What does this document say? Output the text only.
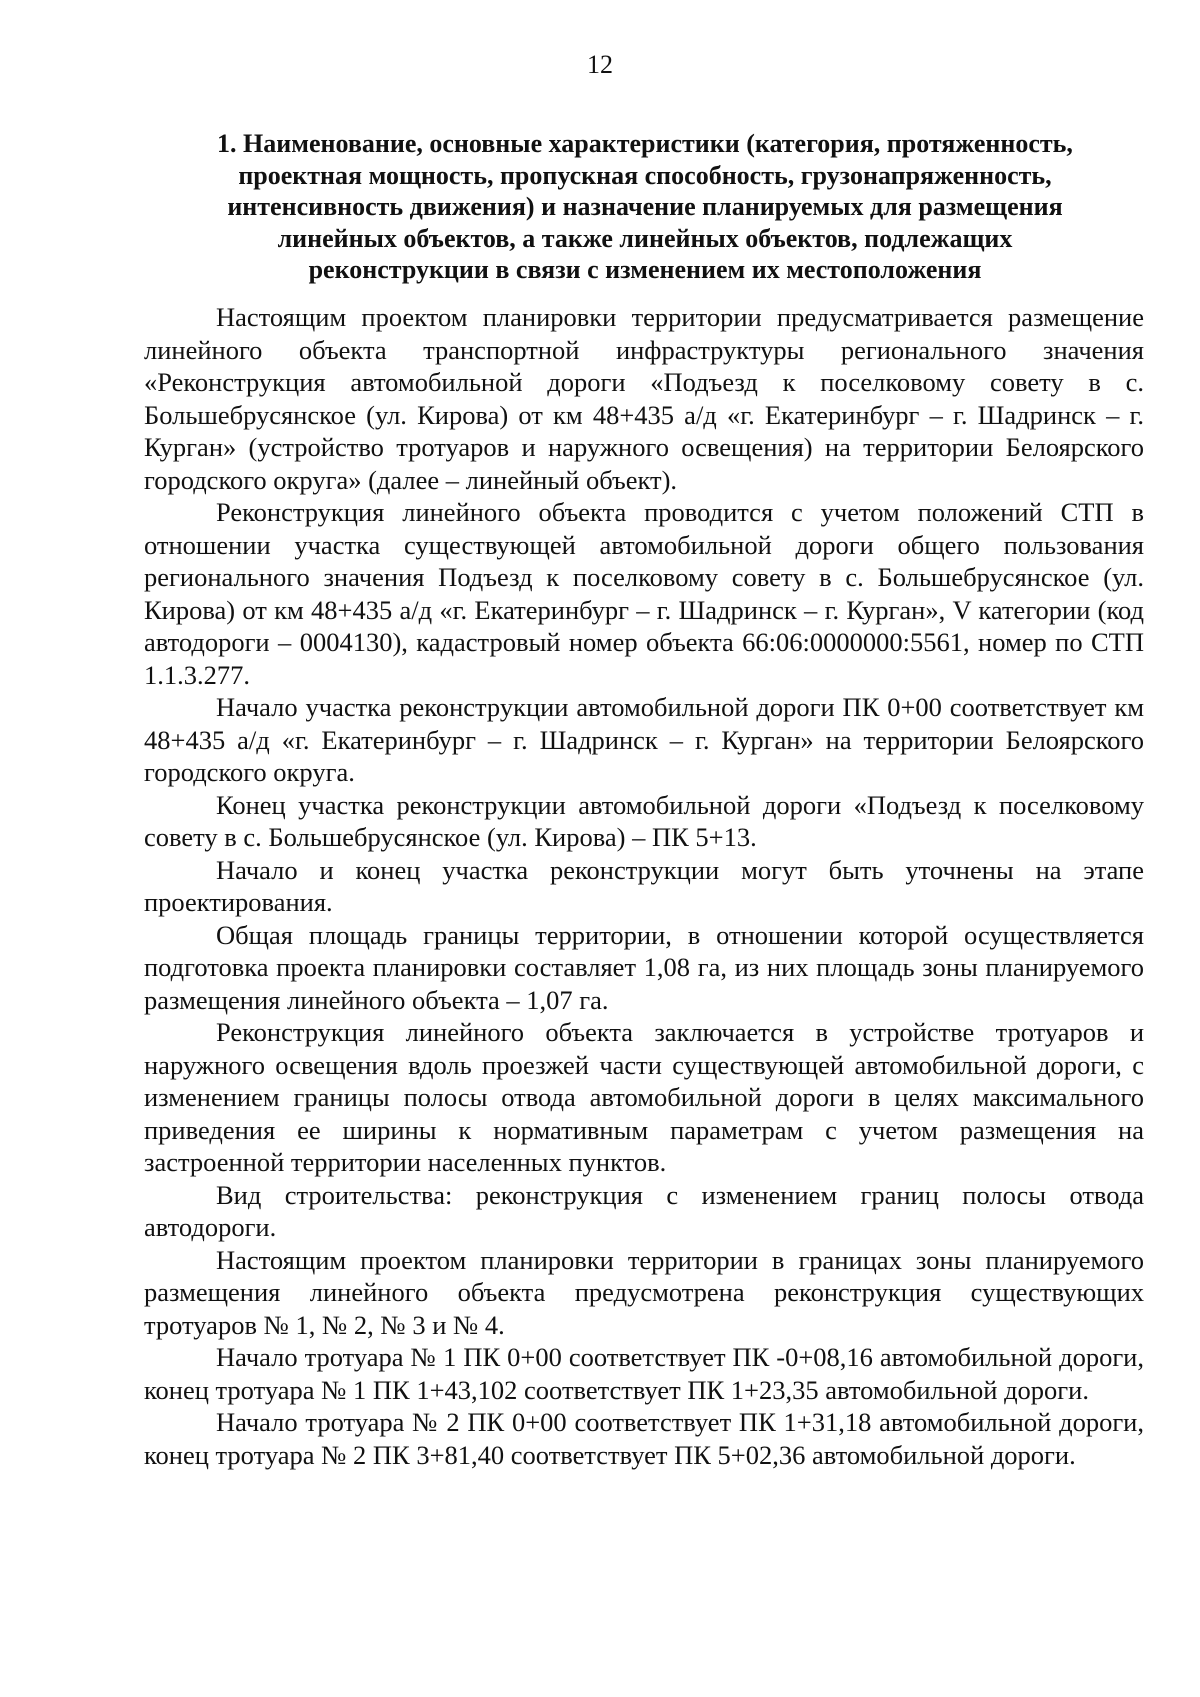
12
1. Наименование, основные характеристики (категория, протяженность,
проектная мощность, пропускная способность, грузонапряженность,
интенсивность движения) и назначение планируемых для размещения
линейных объектов, а также линейных объектов, подлежащих
реконструкции в связи с изменением их местоположения

Настоящим проектом планировки территории предусматривается размещение линейного объекта транспортной инфраструктуры регионального значения «Реконструкция автомобильной дороги «Подъезд к поселковому совету в с. Большебрусянское (ул. Кирова) от км 48+435 а/д «г. Екатеринбург – г. Шадринск – г. Курган» (устройство тротуаров и наружного освещения) на территории Белоярского городского округа» (далее – линейный объект).

Реконструкция линейного объекта проводится с учетом положений СТП в отношении участка существующей автомобильной дороги общего пользования регионального значения Подъезд к поселковому совету в с. Большебрусянское (ул. Кирова) от км 48+435 а/д «г. Екатеринбург – г. Шадринск – г. Курган», V категории (код автодороги – 0004130), кадастровый номер объекта 66:06:0000000:5561, номер по СТП 1.1.3.277.

Начало участка реконструкции автомобильной дороги ПК 0+00 соответствует км 48+435 а/д «г. Екатеринбург – г. Шадринск – г. Курган» на территории Белоярского городского округа.

Конец участка реконструкции автомобильной дороги «Подъезд к поселковому совету в с. Большебрусянское (ул. Кирова) – ПК 5+13.

Начало и конец участка реконструкции могут быть уточнены на этапе проектирования.

Общая площадь границы территории, в отношении которой осуществляется подготовка проекта планировки составляет 1,08 га, из них площадь зоны планируемого размещения линейного объекта – 1,07 га.

Реконструкция линейного объекта заключается в устройстве тротуаров и наружного освещения вдоль проезжей части существующей автомобильной дороги, с изменением границы полосы отвода автомобильной дороги в целях максимального приведения ее ширины к нормативным параметрам с учетом размещения на застроенной территории населенных пунктов.

Вид строительства: реконструкция с изменением границ полосы отвода автодороги.

Настоящим проектом планировки территории в границах зоны планируемого размещения линейного объекта предусмотрена реконструкция существующих тротуаров № 1, № 2, № 3 и № 4.

Начало тротуара № 1 ПК 0+00 соответствует ПК -0+08,16 автомобильной дороги, конец тротуара № 1 ПК 1+43,102 соответствует ПК 1+23,35 автомобильной дороги.

Начало тротуара № 2 ПК 0+00 соответствует ПК 1+31,18 автомобильной дороги, конец тротуара № 2 ПК 3+81,40 соответствует ПК 5+02,36 автомобильной дороги.
